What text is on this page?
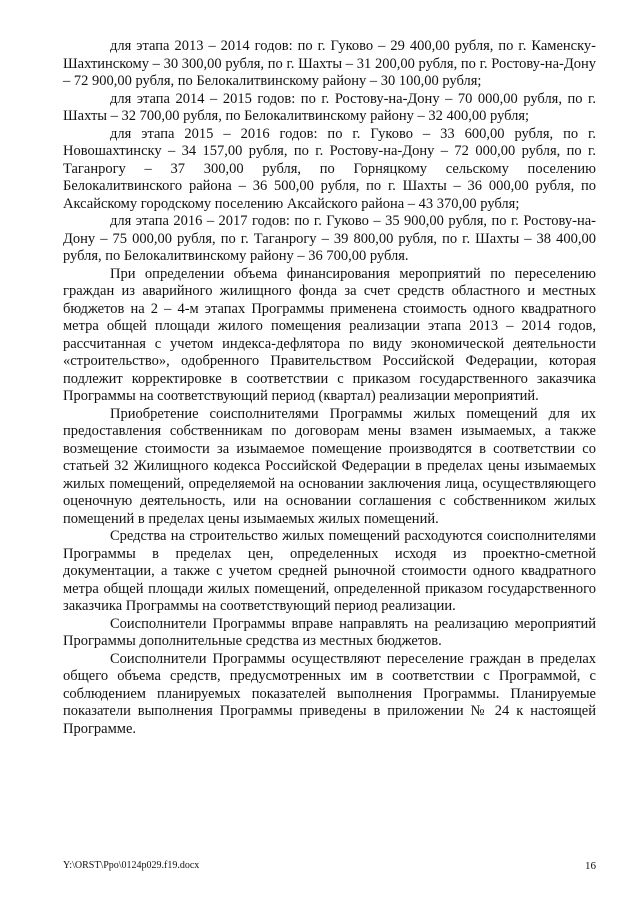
для этапа 2013 – 2014 годов: по г. Гуково – 29 400,00 рубля, по г. Каменску-Шахтинскому – 30 300,00 рубля, по г. Шахты – 31 200,00 рубля, по г. Ростову-на-Дону – 72 900,00 рубля, по Белокалитвинскому району – 30 100,00 рубля;

для этапа 2014 – 2015 годов: по г. Ростову-на-Дону – 70 000,00 рубля, по г. Шахты – 32 700,00 рубля, по Белокалитвинскому району – 32 400,00 рубля;

для этапа 2015 – 2016 годов: по г. Гуково – 33 600,00 рубля, по г. Новошахтинску – 34 157,00 рубля, по г. Ростову-на-Дону – 72 000,00 рубля, по г. Таганрогу – 37 300,00 рубля, по Горняцкому сельскому поселению Белокалитвинского района – 36 500,00 рубля, по г. Шахты – 36 000,00 рубля, по Аксайскому городскому поселению Аксайского района – 43 370,00 рубля;

для этапа 2016 – 2017 годов: по г. Гуково – 35 900,00 рубля, по г. Ростову-на-Дону – 75 000,00 рубля, по г. Таганрогу – 39 800,00 рубля, по г. Шахты – 38 400,00 рубля, по Белокалитвинскому району – 36 700,00 рубля.

При определении объема финансирования мероприятий по переселению граждан из аварийного жилищного фонда за счет средств областного и местных бюджетов на 2 – 4-м этапах Программы применена стоимость одного квадратного метра общей площади жилого помещения реализации этапа 2013 – 2014 годов, рассчитанная с учетом индекса-дефлятора по виду экономической деятельности «строительство», одобренного Правительством Российской Федерации, которая подлежит корректировке в соответствии с приказом государственного заказчика Программы на соответствующий период (квартал) реализации мероприятий.

Приобретение соисполнителями Программы жилых помещений для их предоставления собственникам по договорам мены взамен изымаемых, а также возмещение стоимости за изымаемое помещение производятся в соответствии со статьей 32 Жилищного кодекса Российской Федерации в пределах цены изымаемых жилых помещений, определяемой на основании заключения лица, осуществляющего оценочную деятельность, или на основании соглашения с собственником жилых помещений в пределах цены изымаемых жилых помещений.

Средства на строительство жилых помещений расходуются соисполнителями Программы в пределах цен, определенных исходя из проектно-сметной документации, а также с учетом средней рыночной стоимости одного квадратного метра общей площади жилых помещений, определенной приказом государственного заказчика Программы на соответствующий период реализации.

Соисполнители Программы вправе направлять на реализацию мероприятий Программы дополнительные средства из местных бюджетов.

Соисполнители Программы осуществляют переселение граждан в пределах общего объема средств, предусмотренных им в соответствии с Программой, с соблюдением планируемых показателей выполнения Программы. Планируемые показатели выполнения Программы приведены в приложении № 24 к настоящей Программе.

Y:\ORST\Ppo\0124p029.f19.docx	16
